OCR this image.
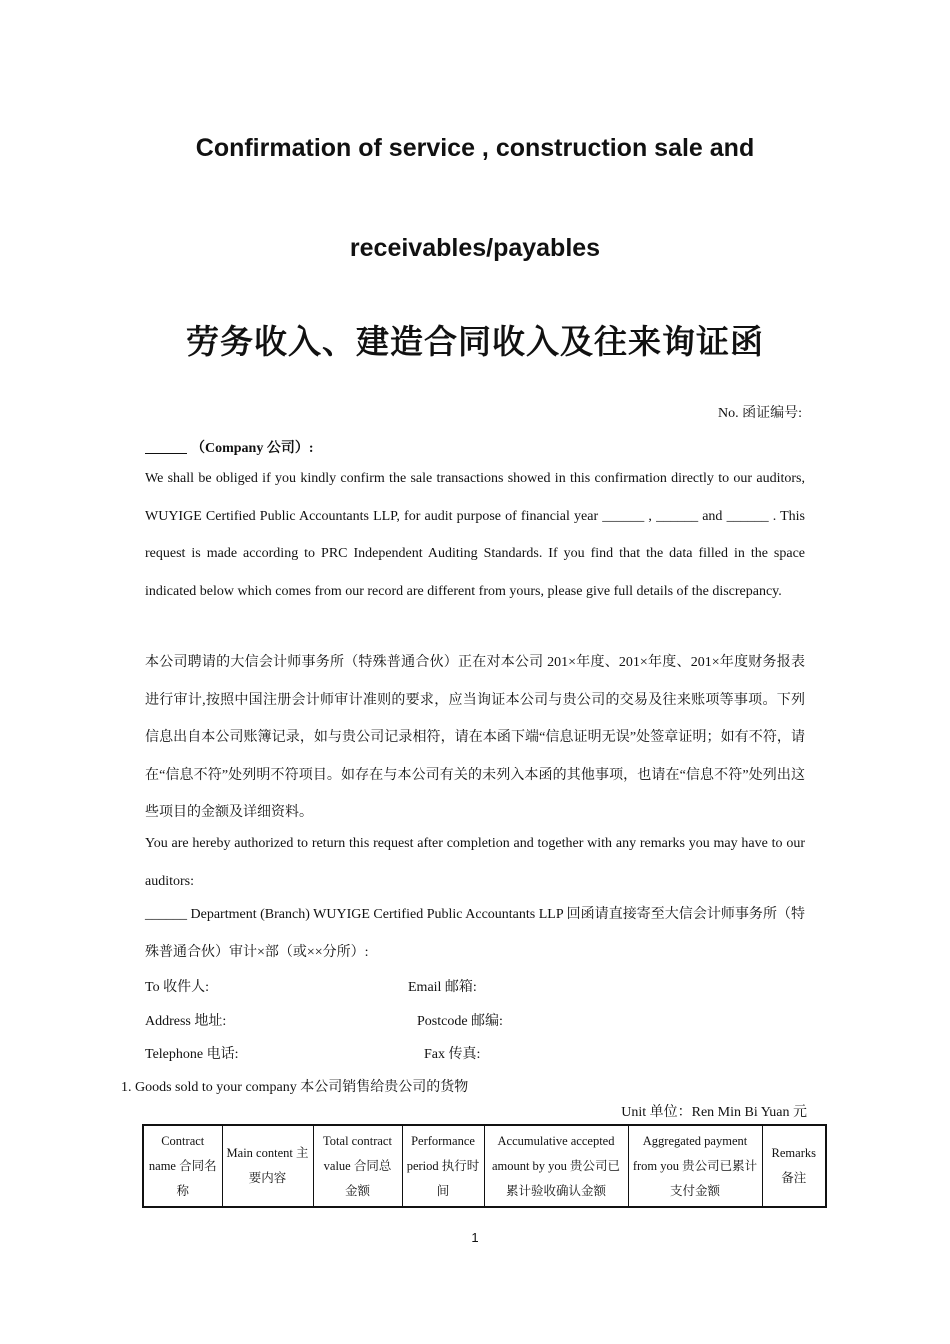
Confirmation of service , construction sale and
receivables/payables
劳务收入、建造合同收入及往来询证函
No. 函证编号:
（Company 公司）:
We shall be obliged if you kindly confirm the sale transactions showed in this confirmation directly to our auditors, WUYIGE Certified Public Accountants LLP, for audit purpose of financial year ______ , ______ and ______ . This request is made according to PRC Independent Auditing Standards. If you find that the data filled in the space indicated below which comes from our record are different from yours, please give full details of the discrepancy.
本公司聘请的大信会计师事务所（特殊普通合伙）正在对本公司 201×年度、201×年度、201×年度财务报表进行审计,按照中国注册会计师审计准则的要求，应当询证本公司与贵公司的交易及往来账项等事项。下列信息出自本公司账簿记录，如与贵公司记录相符，请在本函下端“信息证明无误”处签章证明；如有不符，请在“信息不符”处列明不符项目。如存在与本公司有关的未列入本函的其他事项，也请在“信息不符”处列出这些项目的金额及详细资料。
You are hereby authorized to return this request after completion and together with any remarks you may have to our auditors:
______ Department (Branch) WUYIGE Certified Public Accountants LLP 回函请直接寄至大信会计师事务所（特殊普通合伙）审计×部（或××分所）:
To 收件人:	Email 邮箱:
Address 地址:	Postcode 邮编:
Telephone 电话:	Fax 传真:
1. Goods sold to your company 本公司销售给贵公司的货物
Unit 单位：Ren Min Bi Yuan 元
Contract name 合同名称	Main content 主要内容	Total contract value 合同总金额	Performance period 执行时间	Accumulative accepted amount by you 贵公司已累计验收确认金额	Aggregated payment from you 贵公司已累计支付金额	Remarks 备注
1
